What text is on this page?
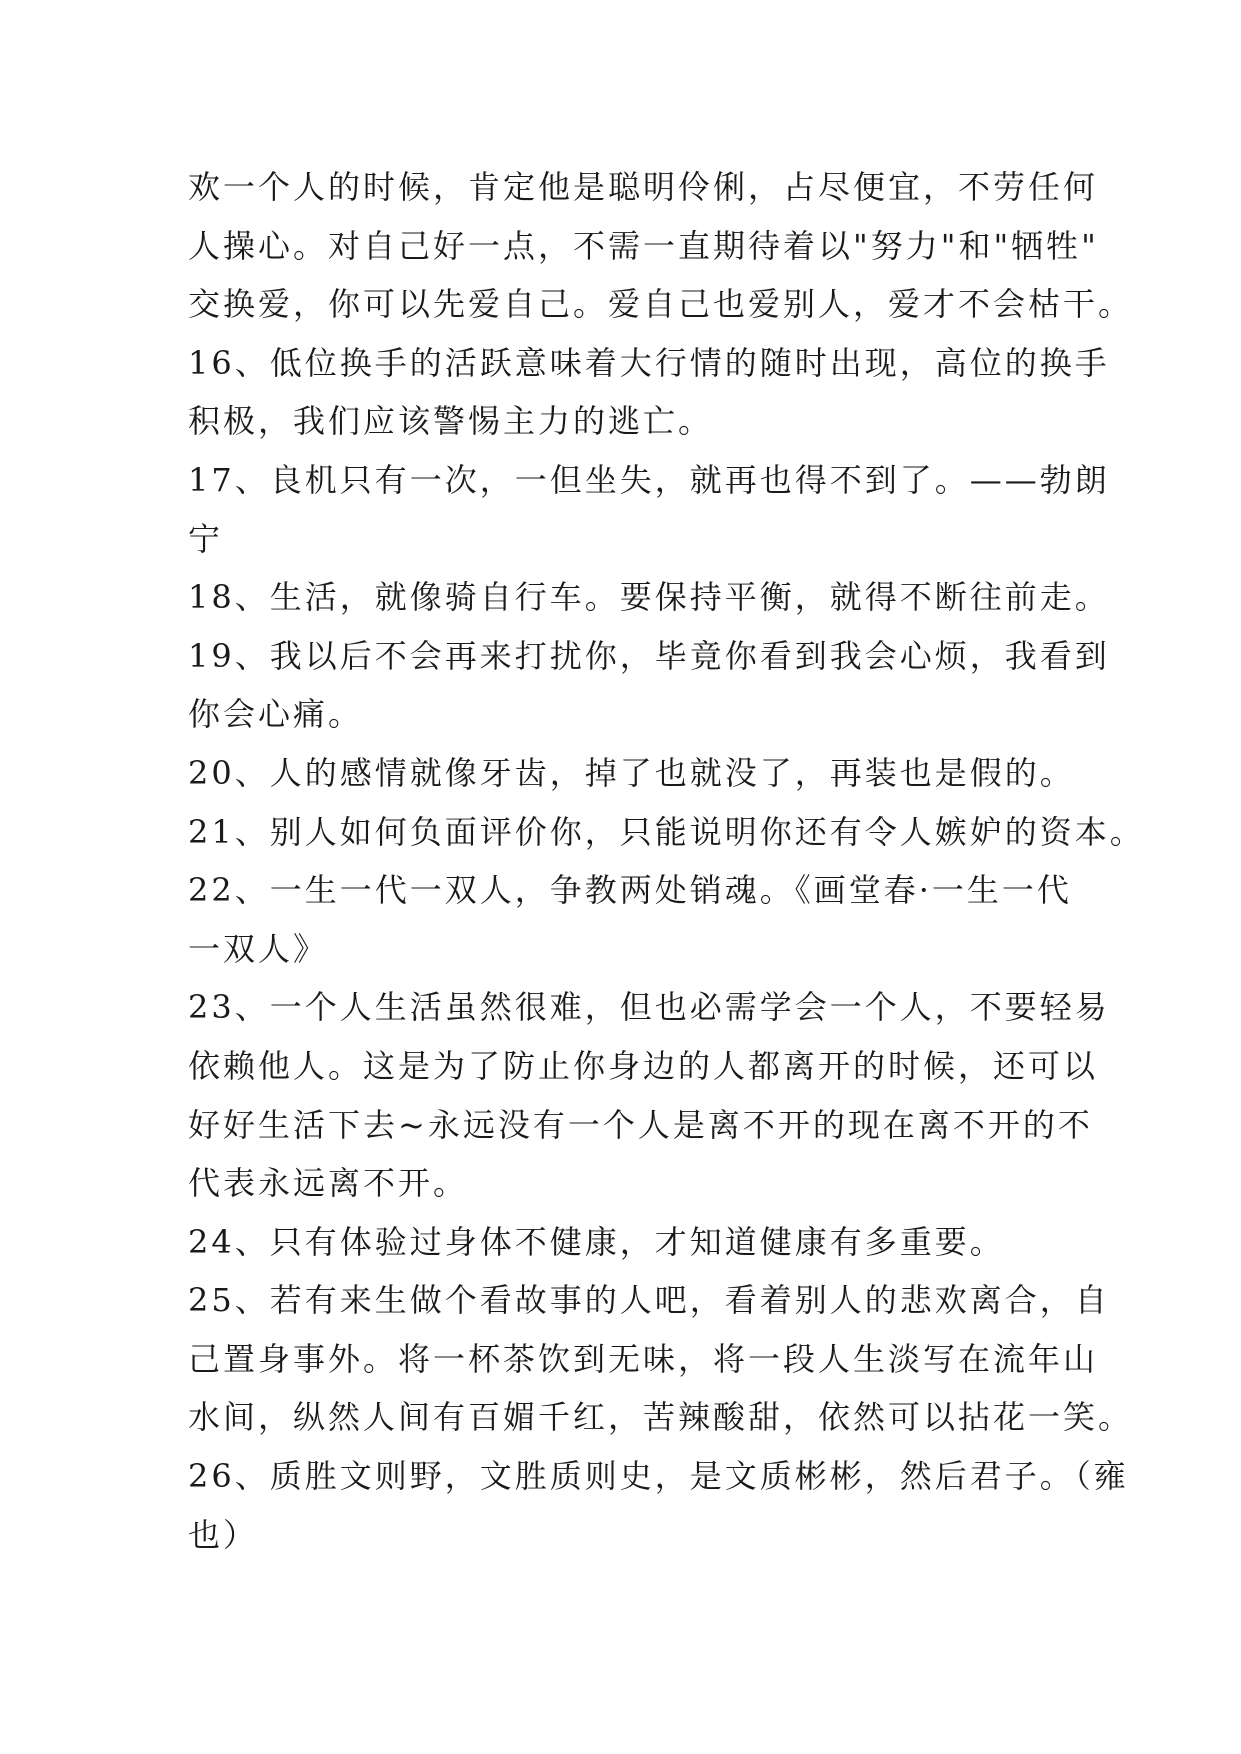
欢一个人的时候，肯定他是聪明伶俐，占尽便宜，不劳任何
人操心。对自己好一点，不需一直期待着以"努力"和"牺牲"
交换爱，你可以先爱自己。爱自己也爱别人，爱才不会枯干。
16、低位换手的活跃意味着大行情的随时出现，高位的换手
积极，我们应该警惕主力的逃亡。
17、良机只有一次，一但坐失，就再也得不到了。——勃朗
宁
18、生活，就像骑自行车。要保持平衡，就得不断往前走。
19、我以后不会再来打扰你，毕竟你看到我会心烦，我看到
你会心痛。
20、人的感情就像牙齿，掉了也就没了，再装也是假的。
21、别人如何负面评价你，只能说明你还有令人嫉妒的资本。
22、一生一代一双人，争教两处销魂。《画堂春·一生一代
一双人》
23、一个人生活虽然很难，但也必需学会一个人，不要轻易
依赖他人。这是为了防止你身边的人都离开的时候，还可以
好好生活下去~永远没有一个人是离不开的现在离不开的不
代表永远离不开。
24、只有体验过身体不健康，才知道健康有多重要。
25、若有来生做个看故事的人吧，看着别人的悲欢离合，自
己置身事外。将一杯茶饮到无味，将一段人生淡写在流年山
水间，纵然人间有百媚千红，苦辣酸甜，依然可以拈花一笑。
26、质胜文则野，文胜质则史，是文质彬彬，然后君子。（雍
也）
